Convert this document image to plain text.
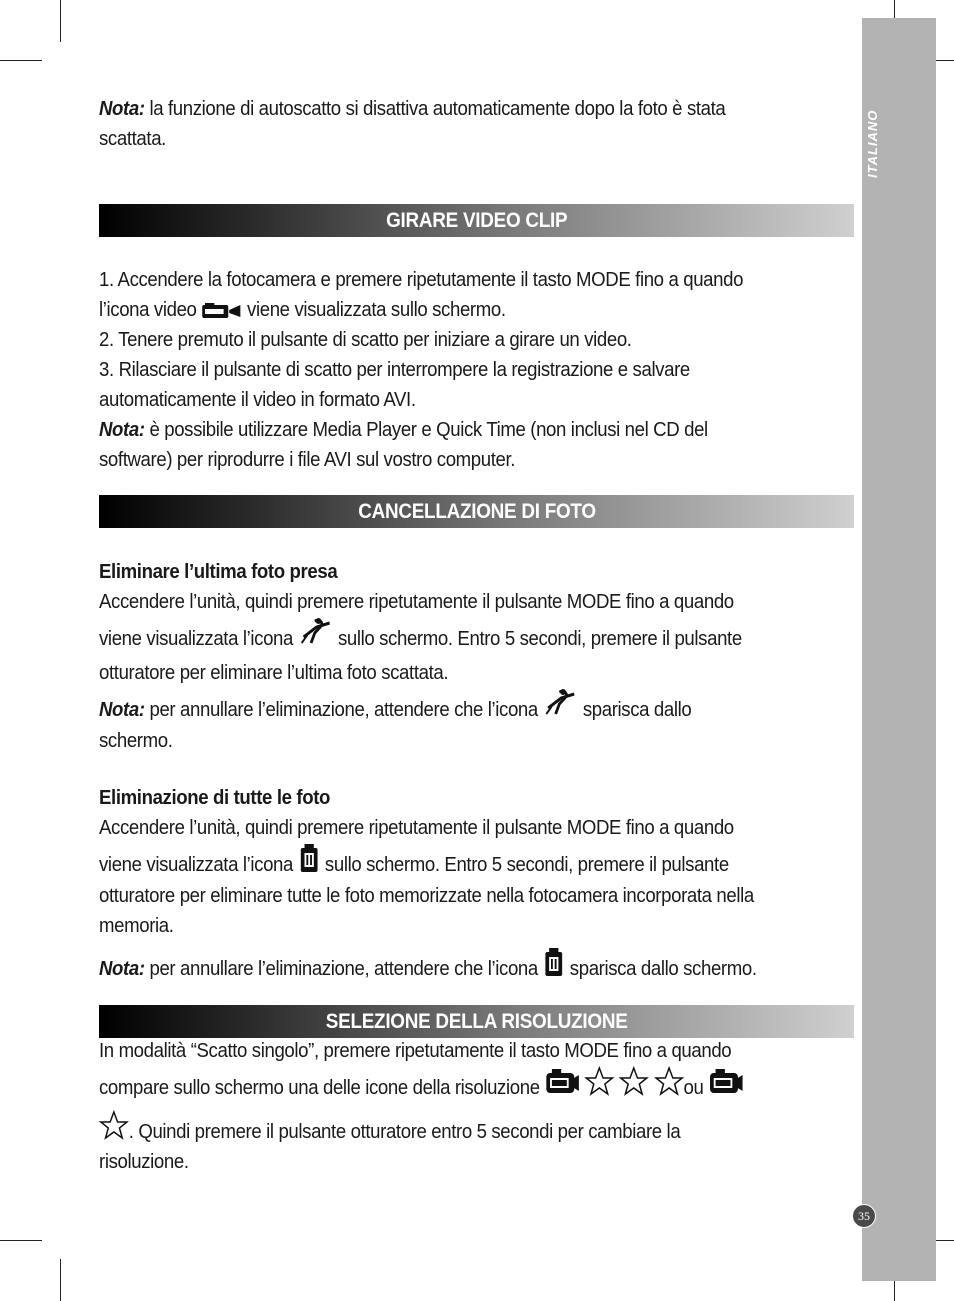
ITALIANO
35

Nota: la funzione di autoscatto si disattiva automaticamente dopo la foto è stata

scattata.

GIRARE VIDEO CLIP

1. Accendere la fotocamera e premere ripetutamente il tasto MODE fino a quando

l’icona video  viene visualizzata sullo schermo.

2. Tenere premuto il pulsante di scatto per iniziare a girare un video.

3. Rilasciare il pulsante di scatto per interrompere la registrazione e salvare

automaticamente il video in formato AVI.

Nota: è possibile utilizzare Media Player e Quick Time (non inclusi nel CD del

software) per riprodurre i file AVI sul vostro computer.

CANCELLAZIONE DI FOTO

Eliminare l’ultima foto presa

Accendere l’unità, quindi premere ripetutamente il pulsante MODE fino a quando

viene visualizzata l’icona  sullo schermo. Entro 5 secondi, premere il pulsante

otturatore per eliminare l’ultima foto scattata.

Nota: per annullare l’eliminazione, attendere che l’icona  sparisca dallo

schermo.

Eliminazione di tutte le foto

Accendere l’unità, quindi premere ripetutamente il pulsante MODE fino a quando

viene visualizzata l’icona  sullo schermo. Entro 5 secondi, premere il pulsante

otturatore per eliminare tutte le foto memorizzate nella fotocamera incorporata nella

memoria.

Nota: per annullare l’eliminazione, attendere che l’icona  sparisca dallo schermo.

SELEZIONE DELLA RISOLUZIONE

In modalità “Scatto singolo”, premere ripetutamente il tasto MODE fino a quando

compare sullo schermo una delle icone della risoluzione	ou

. Quindi premere il pulsante otturatore entro 5 secondi per cambiare la

risoluzione.
